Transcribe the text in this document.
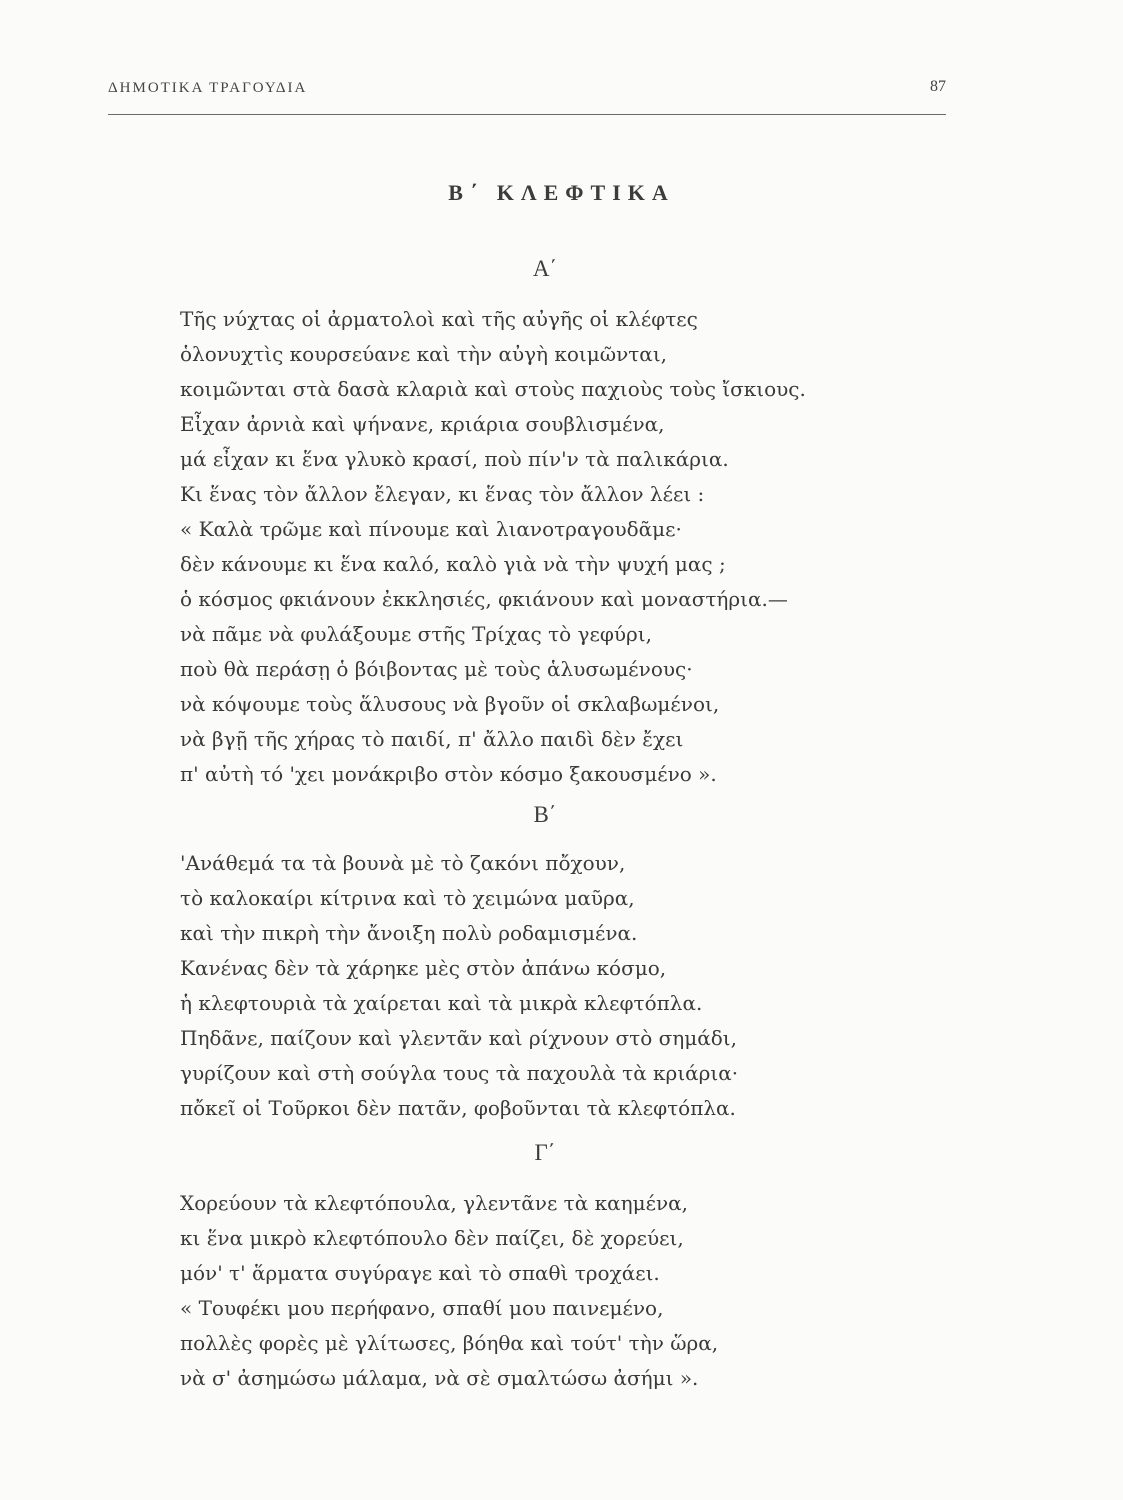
ΔΗΜΟΤΙΚΑ ΤΡΑΓΟΥΔΙΑ	87
Β΄ ΚΛΕΦΤΙΚΑ
Α΄
Τῆς νύχτας οἱ ἀρματολοὶ καὶ τῆς αὐγῆς οἱ κλέφτες
ὁλονυχτὶς κουρσεύανε καὶ τὴν αὐγὴ κοιμῶνται,
κοιμῶνται στὰ δασὰ κλαριὰ καὶ στοὺς παχιοὺς τοὺς ἴσκιους.
Εἶχαν ἀρνιὰ καὶ ψήνανε, κριάρια σουβλισμένα,
μά εἶχαν κι ἕνα γλυκὸ κρασί, ποὺ πίν'ν τὰ παλικάρια.
Κι ἕνας τὸν ἄλλον ἔλεγαν, κι ἕνας τὸν ἄλλον λέει :
« Καλὰ τρῶμε καὶ πίνουμε καὶ λιανοτραγουδᾶμε·
δὲν κάνουμε κι ἕνα καλό, καλὸ γιὰ νὰ τὴν ψυχή μας ;
ὁ κόσμος φκιάνουν ἐκκλησιές, φκιάνουν καὶ μοναστήρια.—
νὰ πᾶμε νὰ φυλάξουμε στῆς Τρίχας τὸ γεφύρι,
ποὺ θὰ περάσῃ ὁ βόιβοντας μὲ τοὺς ἁλυσωμένους·
νὰ κόψουμε τοὺς ἅλυσους νὰ βγοῦν οἱ σκλαβωμένοι,
νὰ βγῇ τῆς χήρας τὸ παιδί, π' ἄλλο παιδὶ δὲν ἔχει
π' αὐτὴ τό 'χει μονάκριβο στὸν κόσμο ξακουσμένο ».
Β΄
'Ανάθεμά τα τὰ βουνὰ μὲ τὸ ζακόνι πὄχουν,
τὸ καλοκαίρι κίτρινα καὶ τὸ χειμώνα μαῦρα,
καὶ τὴν πικρὴ τὴν ἄνοιξη πολὺ ροδαμισμένα.
Κανένας δὲν τὰ χάρηκε μὲς στὸν ἀπάνω κόσμο,
ἡ κλεφτουριὰ τὰ χαίρεται καὶ τὰ μικρὰ κλεφτόπλα.
Πηδᾶνε, παίζουν καὶ γλεντᾶν καὶ ρίχνουν στὸ σημάδι,
γυρίζουν καὶ στὴ σούγλα τους τὰ παχουλὰ τὰ κριάρια·
πὄκεῖ οἱ Τοῦρκοι δὲν πατᾶν, φοβοῦνται τὰ κλεφτόπλα.
Γ΄
Χορεύουν τὰ κλεφτόπουλα, γλεντᾶνε τὰ καημένα,
κι ἕνα μικρὸ κλεφτόπουλο δὲν παίζει, δὲ χορεύει,
μόν' τ' ἅρματα συγύραγε καὶ τὸ σπαθὶ τροχάει.
« Τουφέκι μου περήφανο, σπαθί μου παινεμένο,
πολλὲς φορὲς μὲ γλίτωσες, βόηθα καὶ τούτ' τὴν ὥρα,
νὰ σ' ἀσημώσω μάλαμα, νὰ σὲ σμαλτώσω ἀσήμι ».
